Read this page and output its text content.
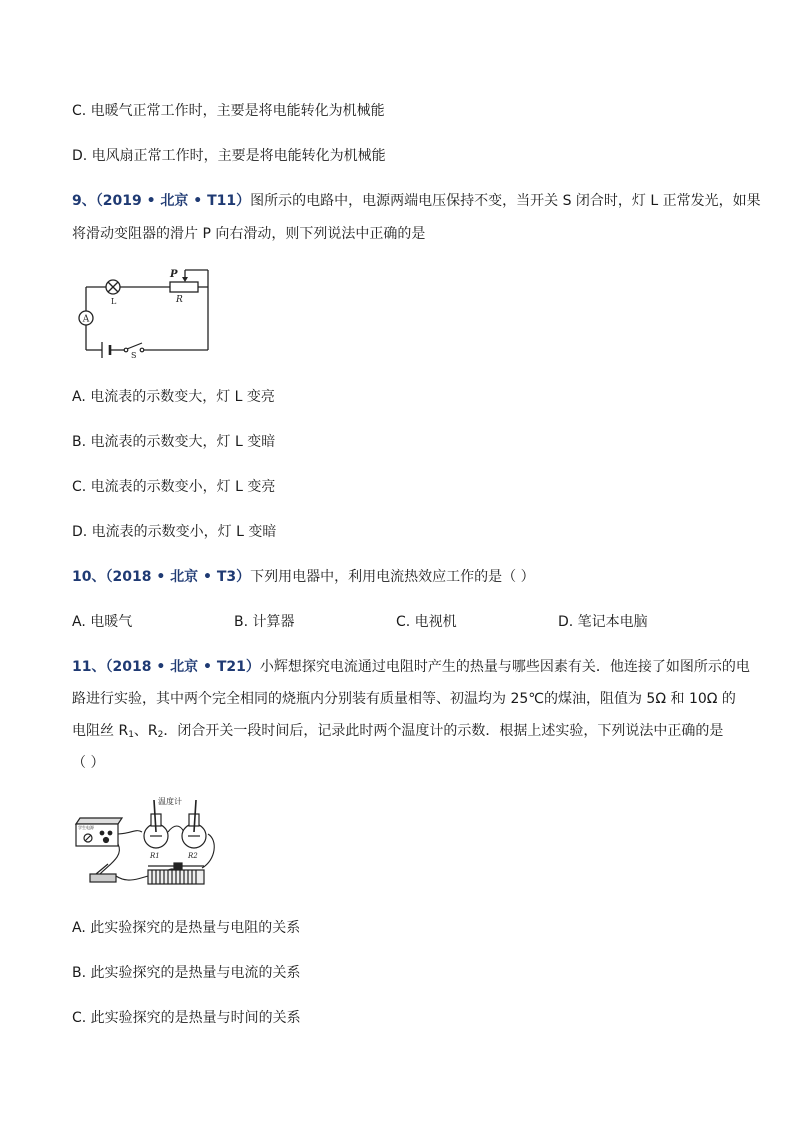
C. 电暖气正常工作时，主要是将电能转化为机械能
D. 电风扇正常工作时，主要是将电能转化为机械能
9、（2019 • 北京 • T11）图所示的电路中，电源两端电压保持不变，当开关 S 闭合时，灯 L 正常发光，如果
将滑动变阻器的滑片 P 向右滑动，则下列说法中正确的是
A
P
R
L
S
A. 电流表的示数变大，灯 L 变亮
B. 电流表的示数变大，灯 L 变暗
C. 电流表的示数变小，灯 L 变亮
D. 电流表的示数变小，灯 L 变暗
10、（2018 • 北京 • T3）下列用电器中，利用电流热效应工作的是（ ）
A. 电暖气	B. 计算器	C. 电视机	D. 笔记本电脑
11、（2018 • 北京 • T21）小辉想探究电流通过电阻时产生的热量与哪些因素有关．他连接了如图所示的电
路进行实验，其中两个完全相同的烧瓶内分别装有质量相等、初温均为 25℃的煤油，阻值为 5Ω 和 10Ω 的
电阻丝 $R_1$、$R_2$．闭合开关一段时间后，记录此时两个温度计的示数．根据上述实验，下列说法中正确的是
（ ）
学生电源
温度计
R1	R2
A. 此实验探究的是热量与电阻的关系
B. 此实验探究的是热量与电流的关系
C. 此实验探究的是热量与时间的关系
